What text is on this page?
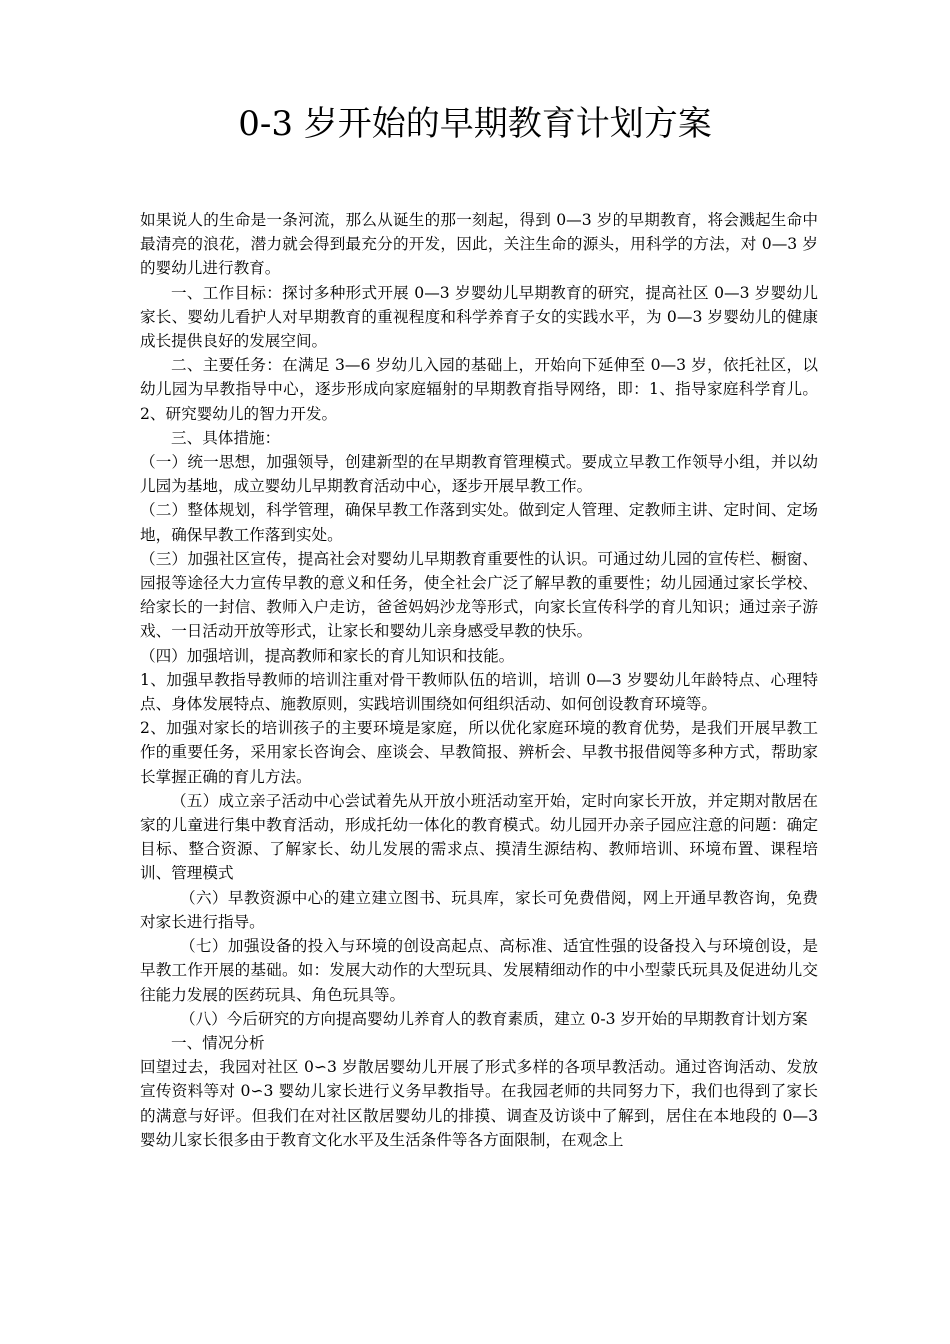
0-3 岁开始的早期教育计划方案

如果说人的生命是一条河流，那么从诞生的那一刻起，得到 0—3 岁的早期教育，将会溅起生命中最清亮的浪花，潜力就会得到最充分的开发，因此，关注生命的源头，用科学的方法，对 0—3 岁的婴幼儿进行教育。

一、工作目标：探讨多种形式开展 0—3 岁婴幼儿早期教育的研究，提高社区 0—3 岁婴幼儿家长、婴幼儿看护人对早期教育的重视程度和科学养育子女的实践水平，为 0—3 岁婴幼儿的健康成长提供良好的发展空间。

二、主要任务：在满足 3—6 岁幼儿入园的基础上，开始向下延伸至 0—3 岁，依托社区，以幼儿园为早教指导中心，逐步形成向家庭辐射的早期教育指导网络，即：1、指导家庭科学育儿。2、研究婴幼儿的智力开发。

三、具体措施：

（一）统一思想，加强领导，创建新型的在早期教育管理模式。要成立早教工作领导小组，并以幼儿园为基地，成立婴幼儿早期教育活动中心，逐步开展早教工作。

（二）整体规划，科学管理，确保早教工作落到实处。做到定人管理、定教师主讲、定时间、定场地，确保早教工作落到实处。

（三）加强社区宣传，提高社会对婴幼儿早期教育重要性的认识。可通过幼儿园的宣传栏、橱窗、园报等途径大力宣传早教的意义和任务，使全社会广泛了解早教的重要性；幼儿园通过家长学校、给家长的一封信、教师入户走访，爸爸妈妈沙龙等形式，向家长宣传科学的育儿知识；通过亲子游戏、一日活动开放等形式，让家长和婴幼儿亲身感受早教的快乐。

（四）加强培训，提高教师和家长的育儿知识和技能。

1、加强早教指导教师的培训注重对骨干教师队伍的培训，培训 0—3 岁婴幼儿年龄特点、心理特点、身体发展特点、施教原则，实践培训围绕如何组织活动、如何创设教育环境等。

2、加强对家长的培训孩子的主要环境是家庭，所以优化家庭环境的教育优势，是我们开展早教工作的重要任务，采用家长咨询会、座谈会、早教简报、辨析会、早教书报借阅等多种方式，帮助家长掌握正确的育儿方法。

（五）成立亲子活动中心尝试着先从开放小班活动室开始，定时向家长开放，并定期对散居在家的儿童进行集中教育活动，形成托幼一体化的教育模式。幼儿园开办亲子园应注意的问题：确定目标、整合资源、了解家长、幼儿发展的需求点、摸清生源结构、教师培训、环境布置、课程培训、管理模式

（六）早教资源中心的建立建立图书、玩具库，家长可免费借阅，网上开通早教咨询，免费对家长进行指导。

（七）加强设备的投入与环境的创设高起点、高标准、适宜性强的设备投入与环境创设，是早教工作开展的基础。如：发展大动作的大型玩具、发展精细动作的中小型蒙氏玩具及促进幼儿交往能力发展的医药玩具、角色玩具等。

（八）今后研究的方向提高婴幼儿养育人的教育素质，建立 0-3 岁开始的早期教育计划方案

一、情况分析

回望过去，我园对社区 0∽3 岁散居婴幼儿开展了形式多样的各项早教活动。通过咨询活动、发放宣传资料等对 0∽3 婴幼儿家长进行义务早教指导。在我园老师的共同努力下，我们也得到了家长的满意与好评。但我们在对社区散居婴幼儿的排摸、调查及访谈中了解到，居住在本地段的 0—3 婴幼儿家长很多由于教育文化水平及生活条件等各方面限制，在观念上
